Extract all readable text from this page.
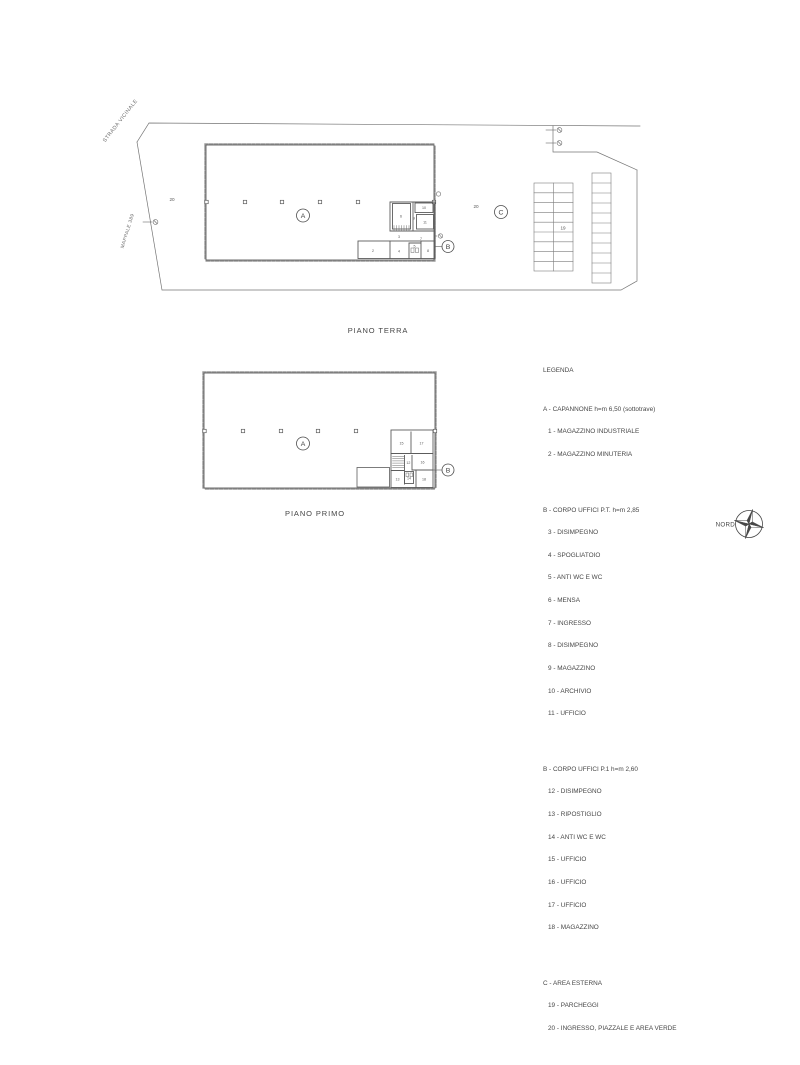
A
B
A
B
C
19
20
20
6	9
10
11
3	7
2	4
5
8
15	17
12	16
13 14	18
STRADA VICINALE
MAPPALE 389
PIANO TERRA
PIANO PRIMO

LEGENDA

A - CAPANNONE h=m 6,50 (sottotrave)

1 - MAGAZZINO INDUSTRIALE

2 - MAGAZZINO MINUTERIA

B - CORPO UFFICI P.T. h=m 2,85

3 - DISIMPEGNO

4 - SPOGLIATOIO

5 - ANTI WC E WC

6 - MENSA

7 - INGRESSO

8 - DISIMPEGNO

9 - MAGAZZINO

10 - ARCHIVIO

11 - UFFICIO

B - CORPO UFFICI P.1 h=m 2,60

12 - DISIMPEGNO

13 - RIPOSTIGLIO

14 - ANTI WC E WC

15 - UFFICIO

16 - UFFICIO

17 - UFFICIO

18 - MAGAZZINO

C - AREA ESTERNA

19 - PARCHEGGI

20 - INGRESSO, PIAZZALE E AREA VERDE

NORD
